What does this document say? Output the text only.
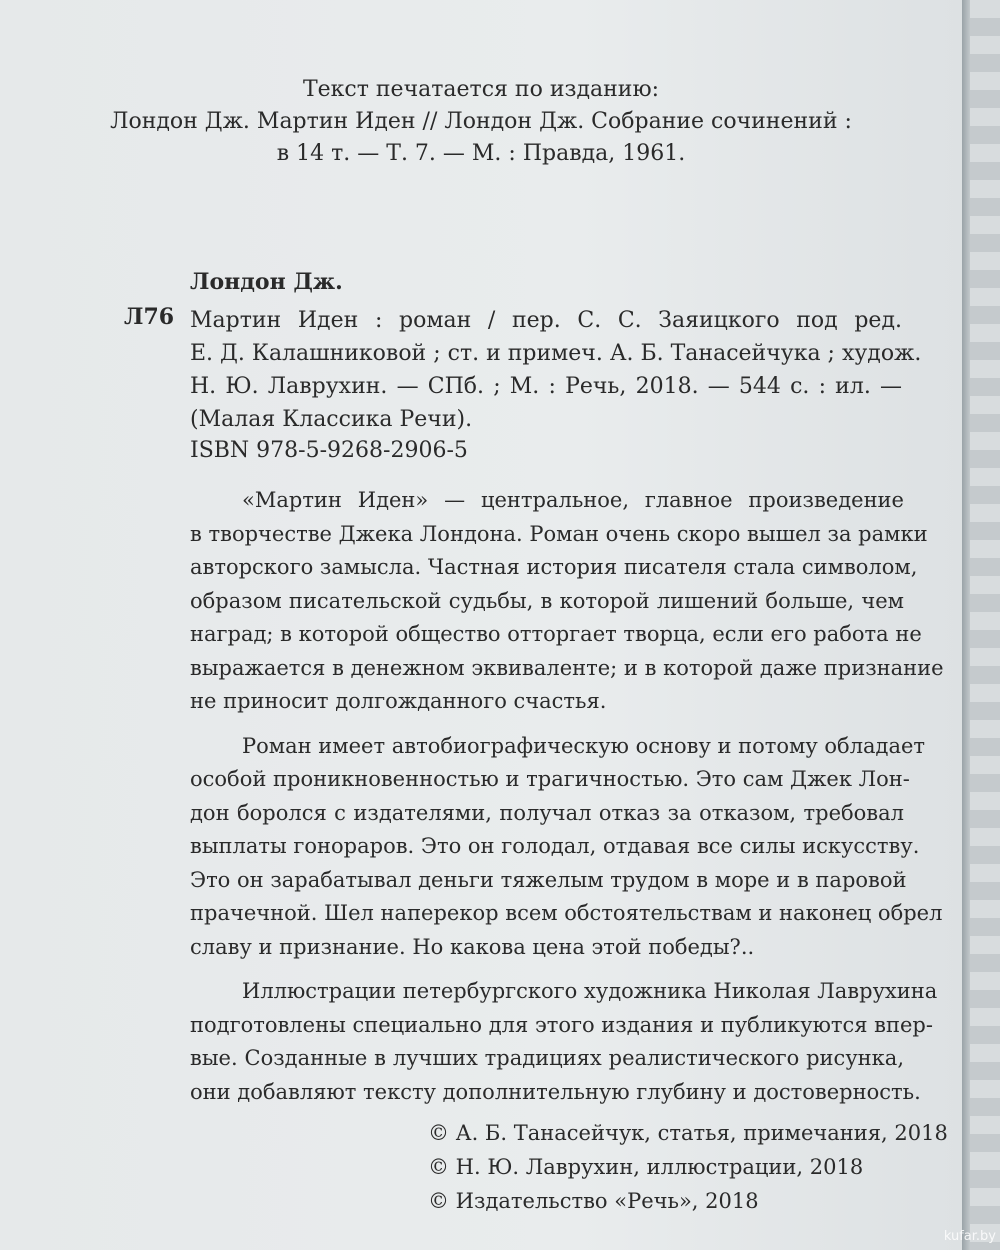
Текст печатается по изданию:
Лондон Дж. Мартин Иден // Лондон Дж. Собрание сочинений :
в 14 т. — Т. 7. — М. : Правда, 1961.
Лондон Дж.
Л76 Мартин Иден : роман / пер. С. С. Заяицкого под ред.
Е. Д. Калашниковой ; ст. и примеч. А. Б. Танасейчука ; худож.
Н. Ю. Лаврухин. — СПб. ; М. : Речь, 2018. — 544 с. : ил. —
(Малая Классика Речи).
ISBN 978-5-9268-2906-5
«Мартин Иден» — центральное, главное произведение
в творчестве Джека Лондона. Роман очень скоро вышел за рамки
авторского замысла. Частная история писателя стала символом,
образом писательской судьбы, в которой лишений больше, чем
наград; в которой общество отторгает творца, если его работа не
выражается в денежном эквиваленте; и в которой даже признание
не приносит долгожданного счастья.
Роман имеет автобиографическую основу и потому обладает
особой проникновенностью и трагичностью. Это сам Джек Лон-
дон боролся с издателями, получал отказ за отказом, требовал
выплаты гонораров. Это он голодал, отдавая все силы искусству.
Это он зарабатывал деньги тяжелым трудом в море и в паровой
прачечной. Шел наперекор всем обстоятельствам и наконец обрел
славу и признание. Но какова цена этой победы?..
Иллюстрации петербургского художника Николая Лаврухина
подготовлены специально для этого издания и публикуются впер-
вые. Созданные в лучших традициях реалистического рисунка,
они добавляют тексту дополнительную глубину и достоверность.
© А. Б. Танасейчук, статья, примечания, 2018
© Н. Ю. Лаврухин, иллюстрации, 2018
© Издательство «Речь», 2018
kufar.by
